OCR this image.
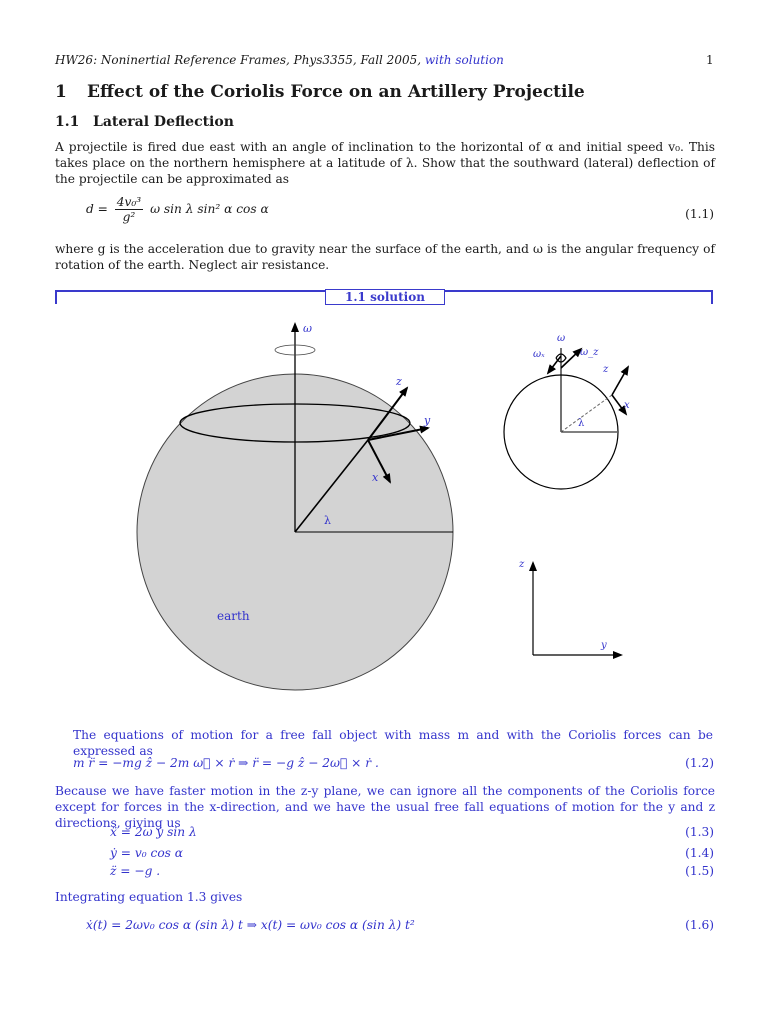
HW26: Noninertial Reference Frames, Phys3355, Fall 2005, with solution	1
1 Effect of the Coriolis Force on an Artillery Projectile
1.1 Lateral Deflection
A projectile is fired due east with an angle of inclination to the horizontal of α and initial speed v₀. This takes place on the northern hemisphere at a latitude of λ. Show that the southward (lateral) deflection of the projectile can be approximated as
$d = \frac{\text{4v₀³}}{\text{g²}}$ ω sin λ sin² α cos α	(1.1)
where g is the acceleration due to gravity near the surface of the earth, and ω is the angular frequency of rotation of the earth. Neglect air resistance.
1.1 solution
ω
z
y
x
λ
earth
ω
ωₓ	ω_z
z
x
λ
z
y
The equations of motion for a free fall object with mass m and with the Coriolis forces can be expressed as
m r̈ = −mg ẑ − 2m ω⃗ × ṙ ⇒ r̈ = −g ẑ − 2ω⃗ × ṙ .	(1.2)
Because we have faster motion in the z-y plane, we can ignore all the components of the Coriolis force except for forces in the x-direction, and we have the usual free fall equations of motion for the y and z directions, giving us
ẍ = 2ω ẏ sin λ	(1.3)
ẏ = v₀ cos α	(1.4)
z̈ = −g .	(1.5)
Integrating equation 1.3 gives
ẋ(t) = 2ωv₀ cos α (sin λ) t ⇒ x(t) = ωv₀ cos α (sin λ) t²	(1.6)
